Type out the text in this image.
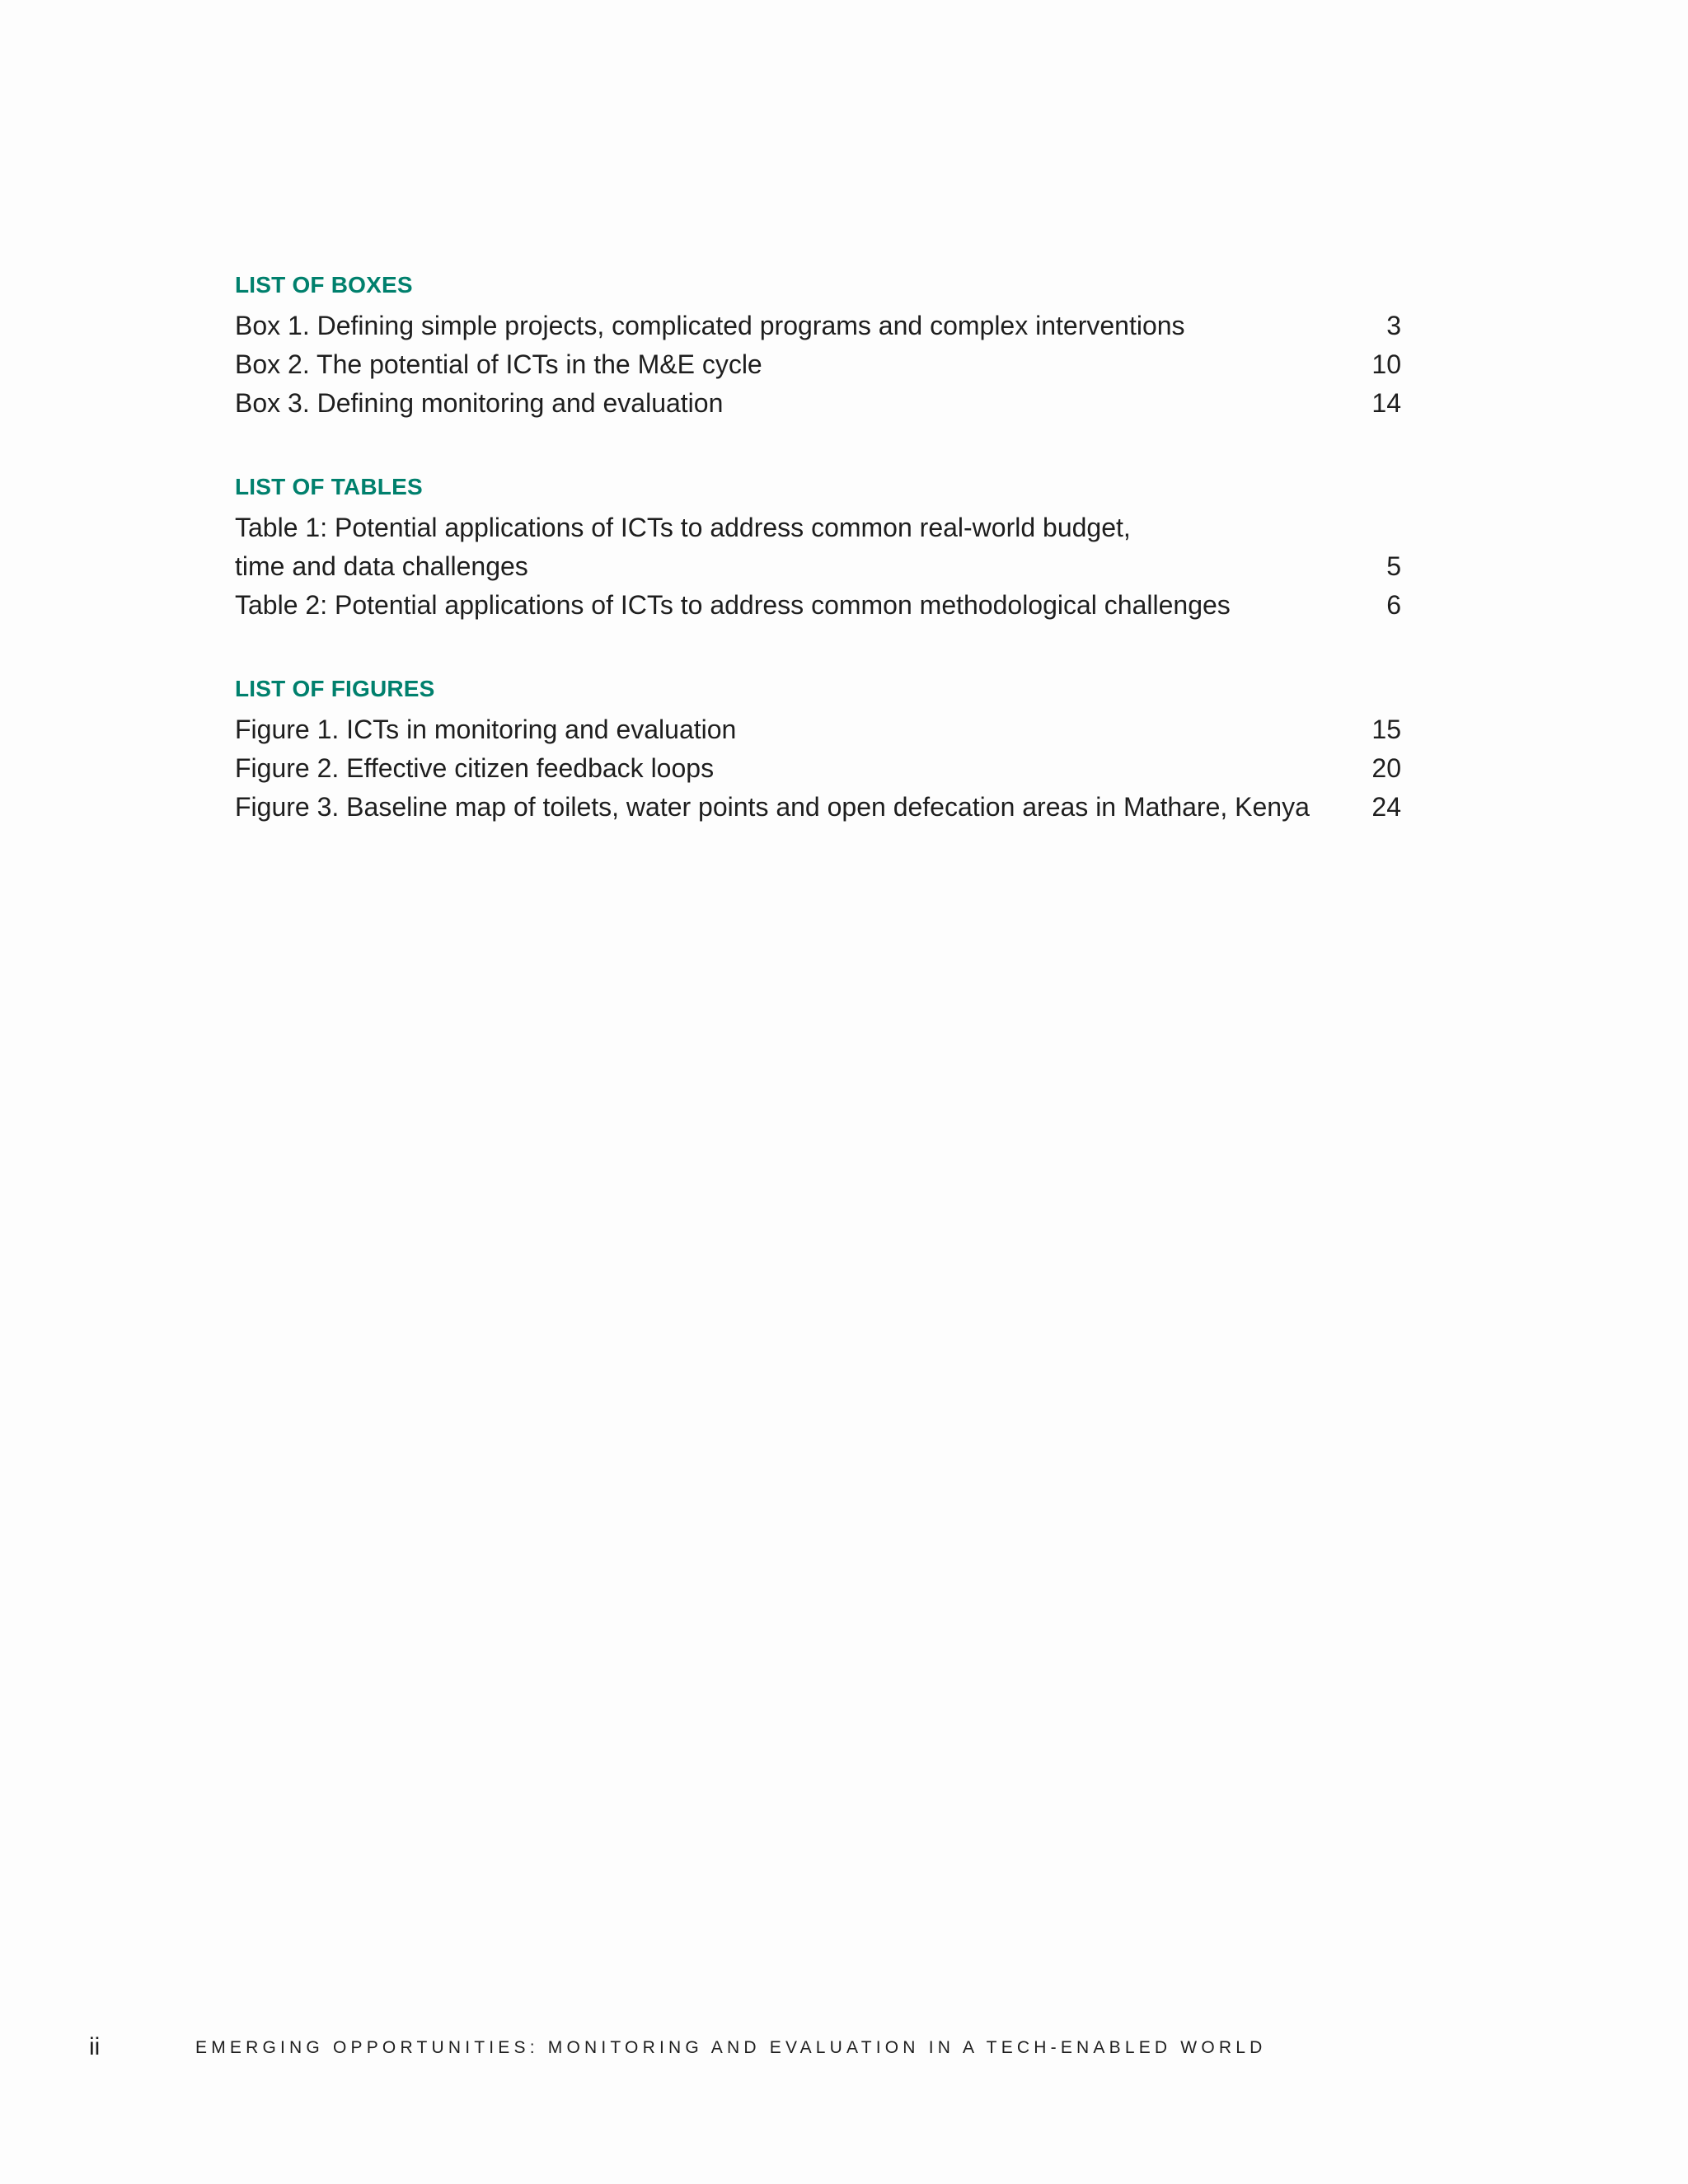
LIST OF BOXES
Box 1. Defining simple projects, complicated programs and complex interventions	3
Box 2. The potential of ICTs in the M&E cycle	10
Box 3. Defining monitoring and evaluation	14
LIST OF TABLES
Table 1: Potential applications of ICTs to address common real-world budget,
time and data challenges	5
Table 2: Potential applications of ICTs to address common methodological challenges	6
LIST OF FIGURES
Figure 1. ICTs in monitoring and evaluation	15
Figure 2. Effective citizen feedback loops	20
Figure 3. Baseline map of toilets, water points and open defecation areas in Mathare, Kenya	24
ii	EMERGING OPPORTUNITIES: MONITORING AND EVALUATION IN A TECH-ENABLED WORLD
